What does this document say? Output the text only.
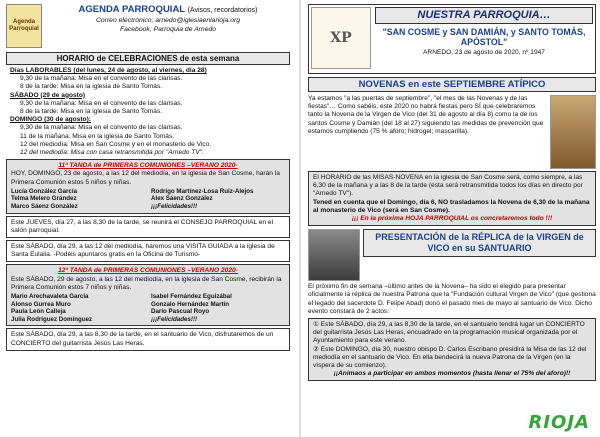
Agenda Parroquial
AGENDA PARROQUIAL (Avisos, recordatorios)
Correo electrónico; arnedo@iglesiaenlarioja.org
Facebook; Parroquia de Arnedo
HORARIO de CELEBRACIONES de esta semana
Días LABORABLES (del lunes, 24 de agosto, al viernes, día 28)
9,30 de la mañana: Misa en el convento de las clarisas.
8 de la tarde: Misa en la iglesia de Santo Tomás.
SÁBADO (29 de agosto)
9,30 de la mañana: Misa en el convento de las clarisas.
8 de la tarde: Misa en la iglesia de Santo Tomás.
DOMINGO (30 de agosto):
9,30 de la mañana: Misa en el convento de las clarisas.
11 de la mañana: Misa en la iglesia de Santo Tomás.
12 del mediodía: Misa en San Cosme y en el monasterio de Vico.
12 del mediodía: Misa con casa retransmitida por "Arnedo TV".
11ª TANDA de PRIMERAS COMUNIONES –VERANO 2020-
HOY, DOMINGO, 23 de agosto, a las 12 del mediodía, en la iglesia de San Cosme, harán la Primera Comunión estos 5 niños y niñas.
Lucía González García
Telma Melero Grández
Marco Sáenz González
Rodrigo Martínez-Losa Ruiz-Alejos
Alex Sáenz González
¡¡¡Felicidades!!!
Este JUEVES, día 27, a las 8,30 de la tarde, se reunirá el CONSEJO PARROQUIAL en el salón parroquial.
Este SÁBADO, día 29, a las 12 del mediodía, haremos una VISITA GUIADA a la iglesia de Santa Eulalia. -Podéis apuntaros gratis en la Oficina de Turismo-
12ª TANDA de PRIMERAS COMUNIONES –VERANO 2020-
Este SÁBADO, 29 de agosto, a las 12 del mediodía, en la iglesia de San Cosme, recibirán la Primera Comunión estos 7 niños y niñas.
Mario Arechavaleta García
Alonso Gurrea Muro
Paula León Calleja
Julia Rodríguez Domínguez
Isabel Fernández Eguizábal
Gonzalo Hernández Martín
Darío Pascual Royo
¡¡¡Felicidades!!!
Este SÁBADO, día 29, a las 8,30 de la tarde, en el santuario de Vico, disfrutaremos de un CONCIERTO del guitarrista Jesús Las Heras.
XP
NUESTRA PARROQUIA…
"SAN COSME y SAN DAMIÁN, y SANTO TOMÁS, APÓSTOL"
ARNEDO, 23 de agosto de 2020, nº 1947
NOVENAS en este SEPTIEMBRE ATÍPICO
Ya estamos "a las puertas de septiembre", "el mes de las Novenas y de las fiestas"… Como sabéis, este 2020 no habrá fiestas pero SÍ que celebraremos tanto la Novena de la Virgen de Vico (del 31 de agosto al día 8) como la de los santos Cosme y Damián (del 18 al 27) siguiendo las medidas de prevención que estamos cumpliendo (75 % aforo; hidrogel; mascarilla).
El HORARIO de las MISAS-NOVENA en la iglesia de San Cosme será, como siempre, a las 6,30 de la mañana y a las 8 de la tarde (esta será retransmitida todos los días en directo por "Arnedo TV").
Tened en cuenta que el Domingo, día 6, NO trasladamos la Novena de 6,30 de la mañana al monasterio de Vico (será en San Cosme).
¡¡¡ En la próxima HOJA PARROQUIAL os concretaremos todo !!!
PRESENTACIÓN de la RÉPLICA de la VIRGEN de VICO en su SANTUARIO
El próximo fin de semana –último antes de la Novena– ha sido el elegido para presentar oficialmente la réplica de nuestra Patrona que la "Fundación cultural Virgen de Vico" (que gestiona el legado del sacerdote D. Felipe Abad) donó el pasado mes de mayo al santuario de Vico. Dicho evento constará de 2 actos:
① Este SÁBADO, día 29, a las 8,30 de la tarde, en el santuario tendrá lugar un CONCIERTO del guitarrista Jesús Las Heras, encuadrado en la programación musical organizada por el Ayuntamiento para este verano.
② Este DOMINGO, día 30, nuestro obispo D. Carlos Escribano presidirá la Misa de las 12 del mediodía en el santuario de Vico. En ella bendecirá la nueva Patrona de la Virgen (en la víspera de su comienzo).
¡¡Animaos a participar en ambos momentos (hasta llenar el 75% del aforo)!!
RIOJA
